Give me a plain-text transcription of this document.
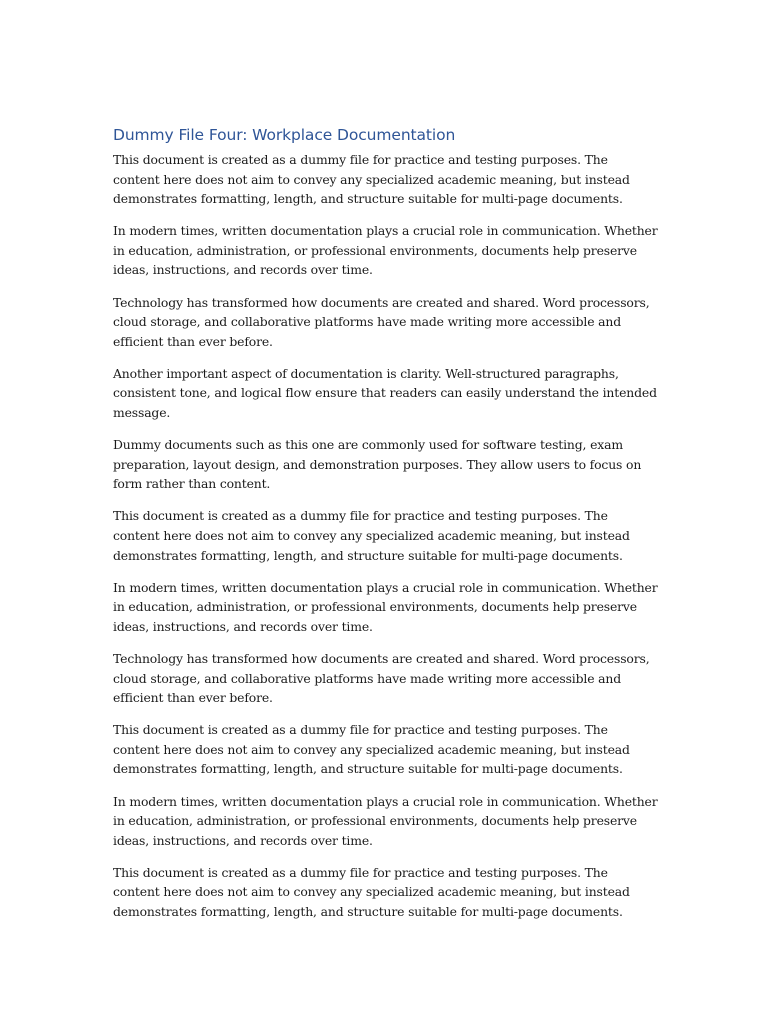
Dummy File Four: Workplace Documentation

This document is created as a dummy file for practice and testing purposes. The content here does not aim to convey any specialized academic meaning, but instead demonstrates formatting, length, and structure suitable for multi-page documents.

In modern times, written documentation plays a crucial role in communication. Whether in education, administration, or professional environments, documents help preserve ideas, instructions, and records over time.

Technology has transformed how documents are created and shared. Word processors, cloud storage, and collaborative platforms have made writing more accessible and efficient than ever before.

Another important aspect of documentation is clarity. Well-structured paragraphs, consistent tone, and logical flow ensure that readers can easily understand the intended message.

Dummy documents such as this one are commonly used for software testing, exam preparation, layout design, and demonstration purposes. They allow users to focus on form rather than content.

This document is created as a dummy file for practice and testing purposes. The content here does not aim to convey any specialized academic meaning, but instead demonstrates formatting, length, and structure suitable for multi-page documents.

In modern times, written documentation plays a crucial role in communication. Whether in education, administration, or professional environments, documents help preserve ideas, instructions, and records over time.

Technology has transformed how documents are created and shared. Word processors, cloud storage, and collaborative platforms have made writing more accessible and efficient than ever before.

This document is created as a dummy file for practice and testing purposes. The content here does not aim to convey any specialized academic meaning, but instead demonstrates formatting, length, and structure suitable for multi-page documents.

In modern times, written documentation plays a crucial role in communication. Whether in education, administration, or professional environments, documents help preserve ideas, instructions, and records over time.

This document is created as a dummy file for practice and testing purposes. The content here does not aim to convey any specialized academic meaning, but instead demonstrates formatting, length, and structure suitable for multi-page documents.
